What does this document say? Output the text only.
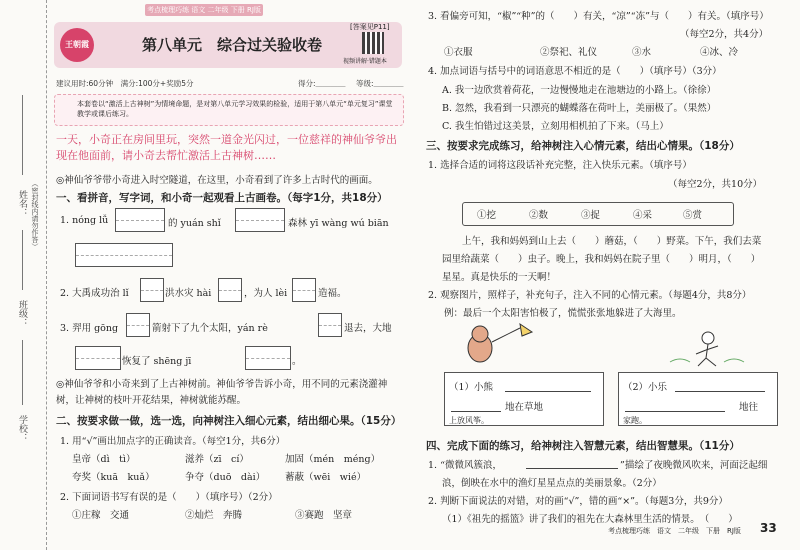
姓名： （密封线内请勿作答）
班级：
学校：
考点梳理巧练 语文 二年级 下册 RJ版
王朝霞	第八单元　综合过关验收卷
[答案见P11]
视频讲解·错题本
建议用时:60分钟　满分:100分+奖励5分	得分:＿＿＿＿ 等级:＿＿＿＿
本套卷以“激活上古神树”为情境命题，是对第八单元学习效果的检验，适用于第八单元“单元复习”课堂教学或课后练习。
一天，小奇正在房间里玩，突然一道金光闪过，一位慈祥的神仙爷爷出现在他面前，请小奇去帮忙激活上古神树……
◎神仙爷爷带小奇进入时空隧道，在这里，小奇看到了许多上古时代的画面。
一、看拼音，写字词，和小奇一起观看上古画卷。（每字1分，共18分）
1. nóng lǚ	的 yuán shǐ	森林 yī wàng wú biān
2. 大禹成功治 lǐ	洪水灾 hài	，为人 lèi	造福。
3. 羿用 gōng	箭射下了九个太阳，yán rè	退去，大地
恢复了 shēng jī	。
◎神仙爷爷和小奇来到了上古神树前。神仙爷爷告诉小奇，用不同的元素浇灌神树，让神树的枝叶开花结果，神树就能苏醒。
二、按要求做一做，选一选，向神树注入细心元素，结出细心果。（15分）
1. 用“√”画出加点字的正确读音。（每空1分，共6分）
皇帝（dì　tì）	滋养（zī　cí）	加固（mén　méng）
夸奖（kuā　kuǎ）	争夺（duō　dài） 蓄蔽（wēi　wié）
2. 下面词语书写有误的是（　　）（填序号）（2分）
①庄稼　交通	②灿烂　奔腾	③赛跑　坚章
3. 看偏旁可知，“椒”“种”的（　　）有关，“凉”“冻”与（　　）有关。（填序号）
（每空2分，共4分）
①衣服	②祭祀、礼仪	③水	④冰、冷
4. 加点词语与括号中的词语意思不相近的是（　　）（填序号）（3分）
A. 我一边欣赏着荷花，一边慢慢地走在池塘边的小路上。（徐徐）
B. 忽然，我看到一只漂亮的蝴蝶落在荷叶上，美丽极了。（果然）
C. 我生怕错过这美景，立刻用相机拍了下来。（马上）
三、按要求完成练习，给神树注入心情元素，结出心情果。（18分）
1. 选择合适的词将这段话补充完整，注入快乐元素。（填序号）
（每空2分，共10分）
①挖	②数	③捉	④采	⑤赏
上午，我和妈妈到山上去（　　）蘑菇，（　　）野菜。下午，我们去菜
园里给蔬菜（　　）虫子。晚上，我和妈妈在院子里（　　）明月，（　　）
星星。真是快乐的一天啊！
2. 观察图片，照样子，补充句子，注入不同的心情元素。（每题4分，共8分）
例：最后一个太阳害怕极了，慌慌张张地躲进了大海里。
（1）小熊
地在草地
上放风筝。
（2）小乐
地往
家跑。
四、完成下面的练习，给神树注入智慧元素，结出智慧果。（11分）
1. “微微风簇浪，	”描绘了夜晚微风吹来，河面泛起细
浪，倒映在水中的渔灯星星点点的美丽景象。（2分）
2. 判断下面说法的对错，对的画“√”，错的画“×”。（每题3分，共9分）
（1）《祖先的摇篮》讲了我们的祖先在大森林里生活的情景。　（　　）
考点梳理巧练　语文　二年级　下册　RJ版 33
